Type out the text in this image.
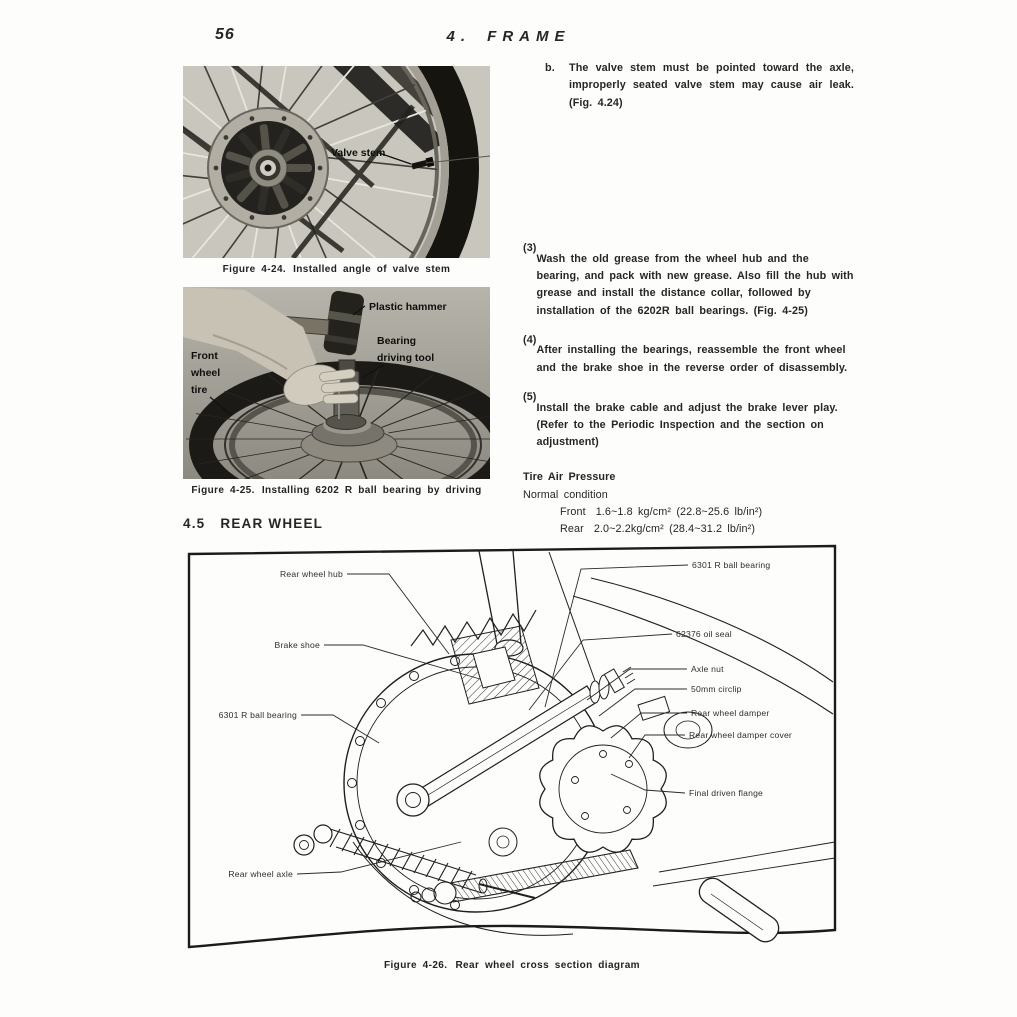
56	4. FRAME
Valve stem
Figure 4-24. Installed angle of valve stem
Plastic hammer
Bearing
driving tool
Front
wheel
tire
Figure 4-25. Installing 6202 R ball bearing by driving
b.	The valve stem must be pointed toward the axle, improperly seated valve stem may cause air leak. (Fig. 4.24)

(3)

Wash the old grease from the wheel hub and the bearing, and pack with new grease. Also fill the hub with grease and install the distance collar, followed by installation of the 6202R ball bearings. (Fig. 4-25)

(4)

After installing the bearings, reassemble the front wheel and the brake shoe in the reverse order of disassembly.

(5)

Install the brake cable and adjust the brake lever play.
(Refer to the Periodic Inspection and the section on adjustment)

Tire Air Pressure
Normal condition
Front 1.6~1.8 kg/cm² (22.8~25.6 lb/in²)
Rear 2.0~2.2kg/cm² (28.4~31.2 lb/in²)
4.5 REAR WHEEL
Rear wheel hub
Brake shoe
6301 R ball bearing
Rear wheel axle
6301 R ball bearing
62376 oil seal
Axle nut
50mm circlip
Rear wheel damper
Rear wheel damper cover
Final driven flange
Figure 4-26. Rear wheel cross section diagram
